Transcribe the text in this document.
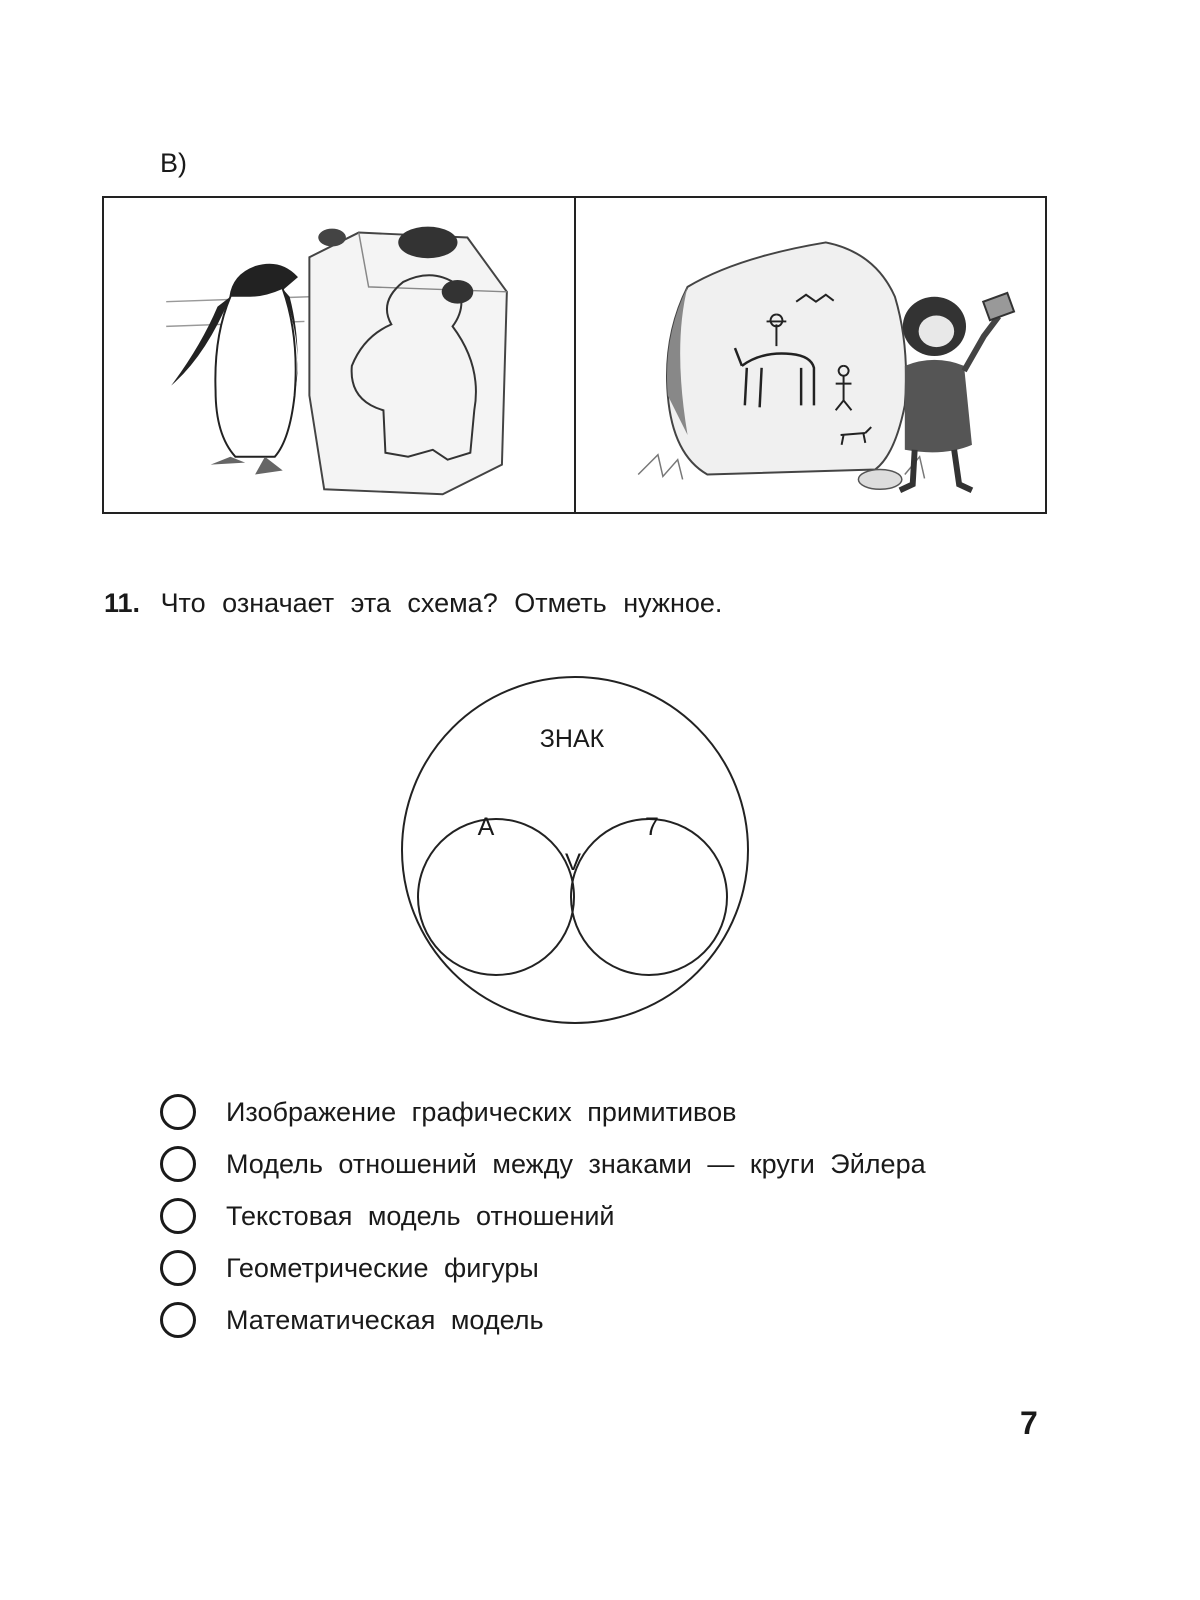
В)
11. Что означает эта схема? Отметь нужное.
ЗНАК
А	7
V
Изображение графических примитивов
Модель отношений между знаками — круги Эйлера
Текстовая модель отношений
Геометрические фигуры
Математическая модель
7
